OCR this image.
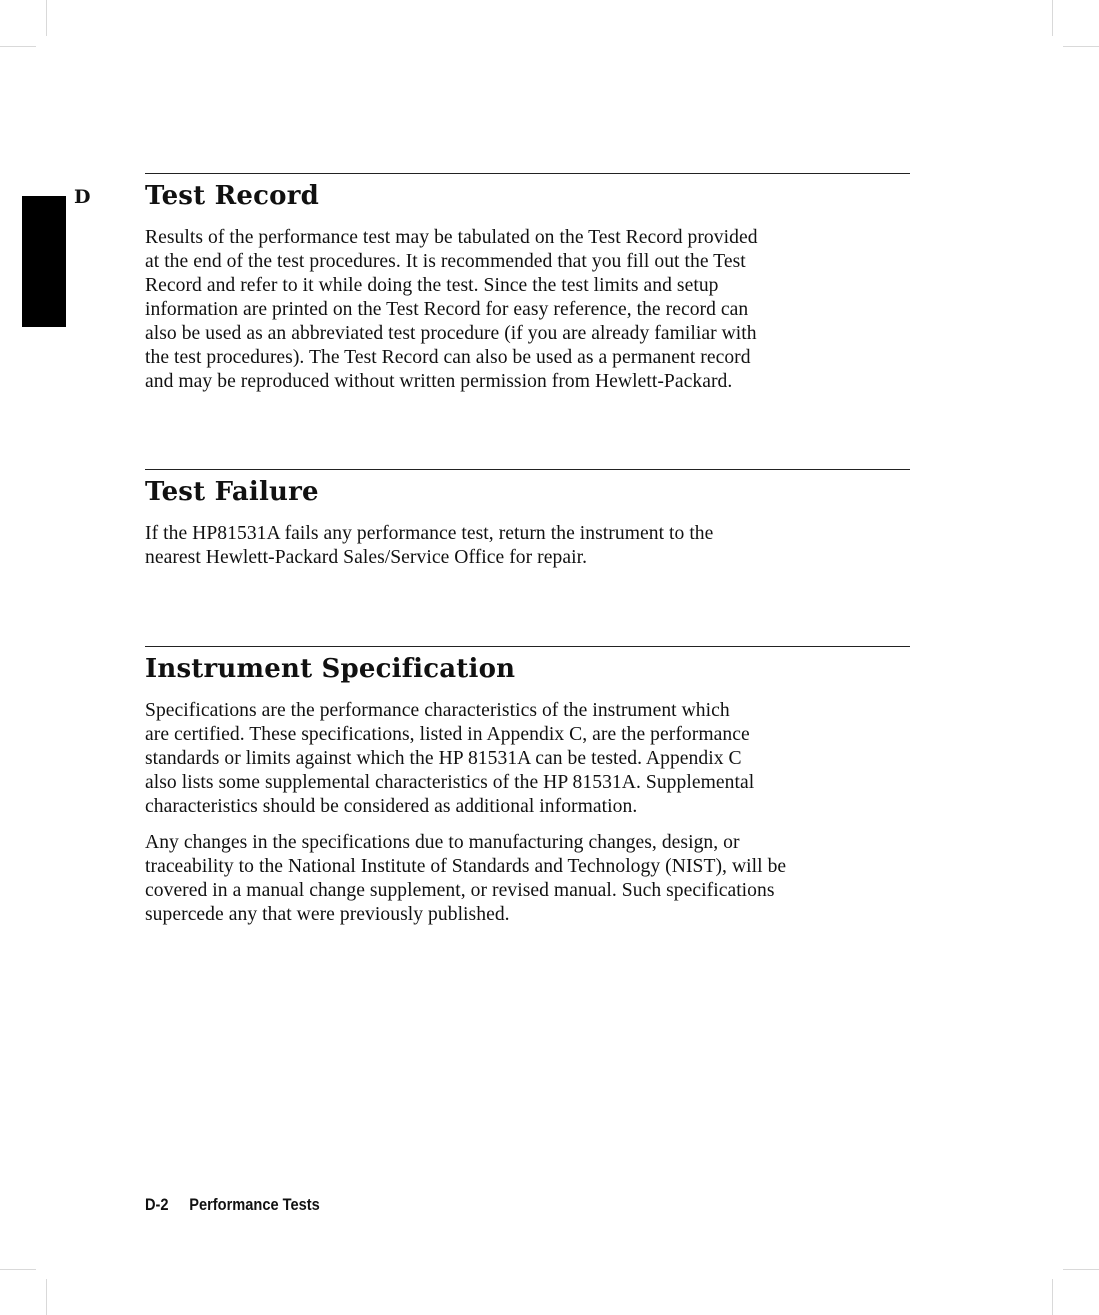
D Test Record

Results of the performance test may be tabulated on the Test Record provided

at the end of the test procedures. It is recommended that you fill out the Test

Record and refer to it while doing the test. Since the test limits and setup

information are printed on the Test Record for easy reference, the record can

also be used as an abbreviated test procedure (if you are already familiar with

the test procedures). The Test Record can also be used as a permanent record

and may be reproduced without written permission from Hewlett-Packard.

Test Failure

If the HP81531A fails any performance test, return the instrument to the

nearest Hewlett-Packard Sales/Service Office for repair.

Instrument Specification

Specifications are the performance characteristics of the instrument which

are certified. These specifications, listed in Appendix C, are the performance

standards or limits against which the HP 81531A can be tested. Appendix C

also lists some supplemental characteristics of the HP 81531A. Supplemental

characteristics should be considered as additional information.

Any changes in the specifications due to manufacturing changes, design, or

traceability to the National Institute of Standards and Technology (NIST), will be

covered in a manual change supplement, or revised manual. Such specifications

supercede any that were previously published.

D-2 Performance Tests
